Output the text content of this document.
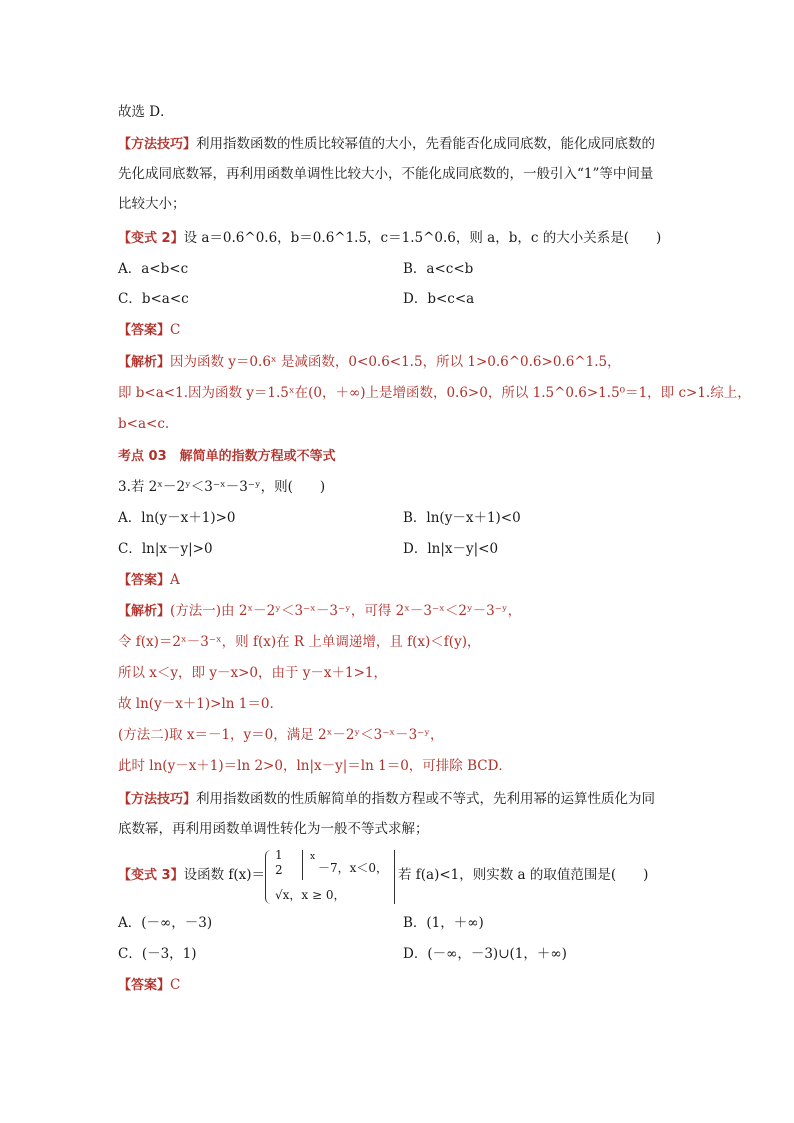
故选 D．
【方法技巧】利用指数函数的性质比较幂值的大小，先看能否化成同底数，能化成同底数的
先化成同底数幂，再利用函数单调性比较大小，不能化成同底数的，一般引入“1”等中间量
比较大小；
【变式 2】设 a＝0.6^0.6，b＝0.6^1.5，c＝1.5^0.6，则 a，b，c 的大小关系是(　　)
A．a<b<c	B．a<c<b
C．b<a<c	D．b<c<a
【答案】C
【解析】因为函数 y＝0.6ˣ 是减函数，0<0.6<1.5，所以 1>0.6^0.6>0.6^1.5，
即 b<a<1.因为函数 y＝1.5ˣ在(0，＋∞)上是增函数，0.6>0，所以 1.5^0.6>1.5⁰＝1，即 c>1.综上，
b<a<c.
考点 03　解简单的指数方程或不等式
3.若 2ˣ－2ʸ＜3⁻ˣ－3⁻ʸ，则(　　)
A．ln(y－x＋1)>0	B．ln(y－x＋1)<0
C．ln|x－y|>0	D．ln|x－y|<0
【答案】A
【解析】(方法一)由 2ˣ－2ʸ＜3⁻ˣ－3⁻ʸ，可得 2ˣ－3⁻ˣ＜2ʸ－3⁻ʸ，
令 f(x)＝2ˣ－3⁻ˣ，则 f(x)在 R 上单调递增，且 f(x)＜f(y)，
所以 x＜y，即 y－x>0，由于 y－x＋1>1，
故 ln(y－x＋1)>ln 1＝0.
(方法二)取 x＝－1，y＝0，满足 2ˣ－2ʸ＜3⁻ˣ－3⁻ʸ，
此时 ln(y－x＋1)＝ln 2>0，ln|x－y|＝ln 1＝0，可排除 BCD．
【方法技巧】利用指数函数的性质解简单的指数方程或不等式，先利用幂的运算性质化为同
底数幂，再利用函数单调性转化为一般不等式求解；
【变式 3】设函数 f(x)＝
1
2
x
－7，x＜0，
√x，x ≥ 0，
若 f(a)<1，则实数 a 的取值范围是(　　)
A．(－∞，－3)	B．(1，＋∞)
C．(－3，1)	D．(－∞，－3)∪(1，＋∞)
【答案】C
